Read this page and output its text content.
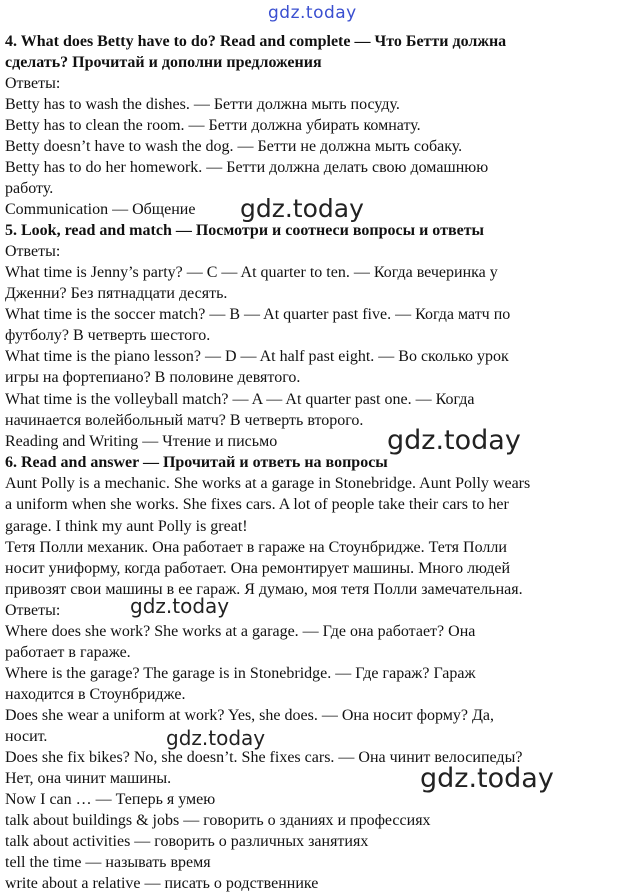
gdz.today
gdz.today
gdz.today
gdz.today
gdz.today
gdz.today
4. What does Betty have to do? Read and complete — Что Бетти должна
сделать? Прочитай и дополни предложения
Ответы:
Betty has to wash the dishes. — Бетти должна мыть посуду.
Betty has to clean the room. — Бетти должна убирать комнату.
Betty doesn’t have to wash the dog. — Бетти не должна мыть собаку.
Betty has to do her homework. — Бетти должна делать свою домашнюю
работу.
Communication — Общение
5. Look, read and match — Посмотри и соотнеси вопросы и ответы
Ответы:
What time is Jenny’s party? — C — At quarter to ten. — Когда вечеринка у
Дженни? Без пятнадцати десять.
What time is the soccer match? — B — At quarter past five. — Когда матч по
футболу? В четверть шестого.
What time is the piano lesson? — D — At half past eight. — Во сколько урок
игры на фортепиано? В половине девятого.
What time is the volleyball match? — A — At quarter past one. — Когда
начинается волейбольный матч? В четверть второго.
Reading and Writing — Чтение и письмо
6. Read and answer — Прочитай и ответь на вопросы
Aunt Polly is a mechanic. She works at a garage in Stonebridge. Aunt Polly wears
a uniform when she works. She fixes cars. A lot of people take their cars to her
garage. I think my aunt Polly is great!
Тетя Полли механик. Она работает в гараже на Стоунбридже. Тетя Полли
носит униформу, когда работает. Она ремонтирует машины. Много людей
привозят свои машины в ее гараж. Я думаю, моя тетя Полли замечательная.
Ответы:
Where does she work? She works at a garage. — Где она работает? Она
работает в гараже.
Where is the garage? The garage is in Stonebridge. — Где гараж? Гараж
находится в Стоунбридже.
Does she wear a uniform at work? Yes, she does. — Она носит форму? Да,
носит.
Does she fix bikes? No, she doesn’t. She fixes cars. — Она чинит велосипеды?
Нет, она чинит машины.
Now I can … — Теперь я умею
talk about buildings & jobs — говорить о зданиях и профессиях
talk about activities — говорить о различных занятиях
tell the time — называть время
write about a relative — писать о родственнике
